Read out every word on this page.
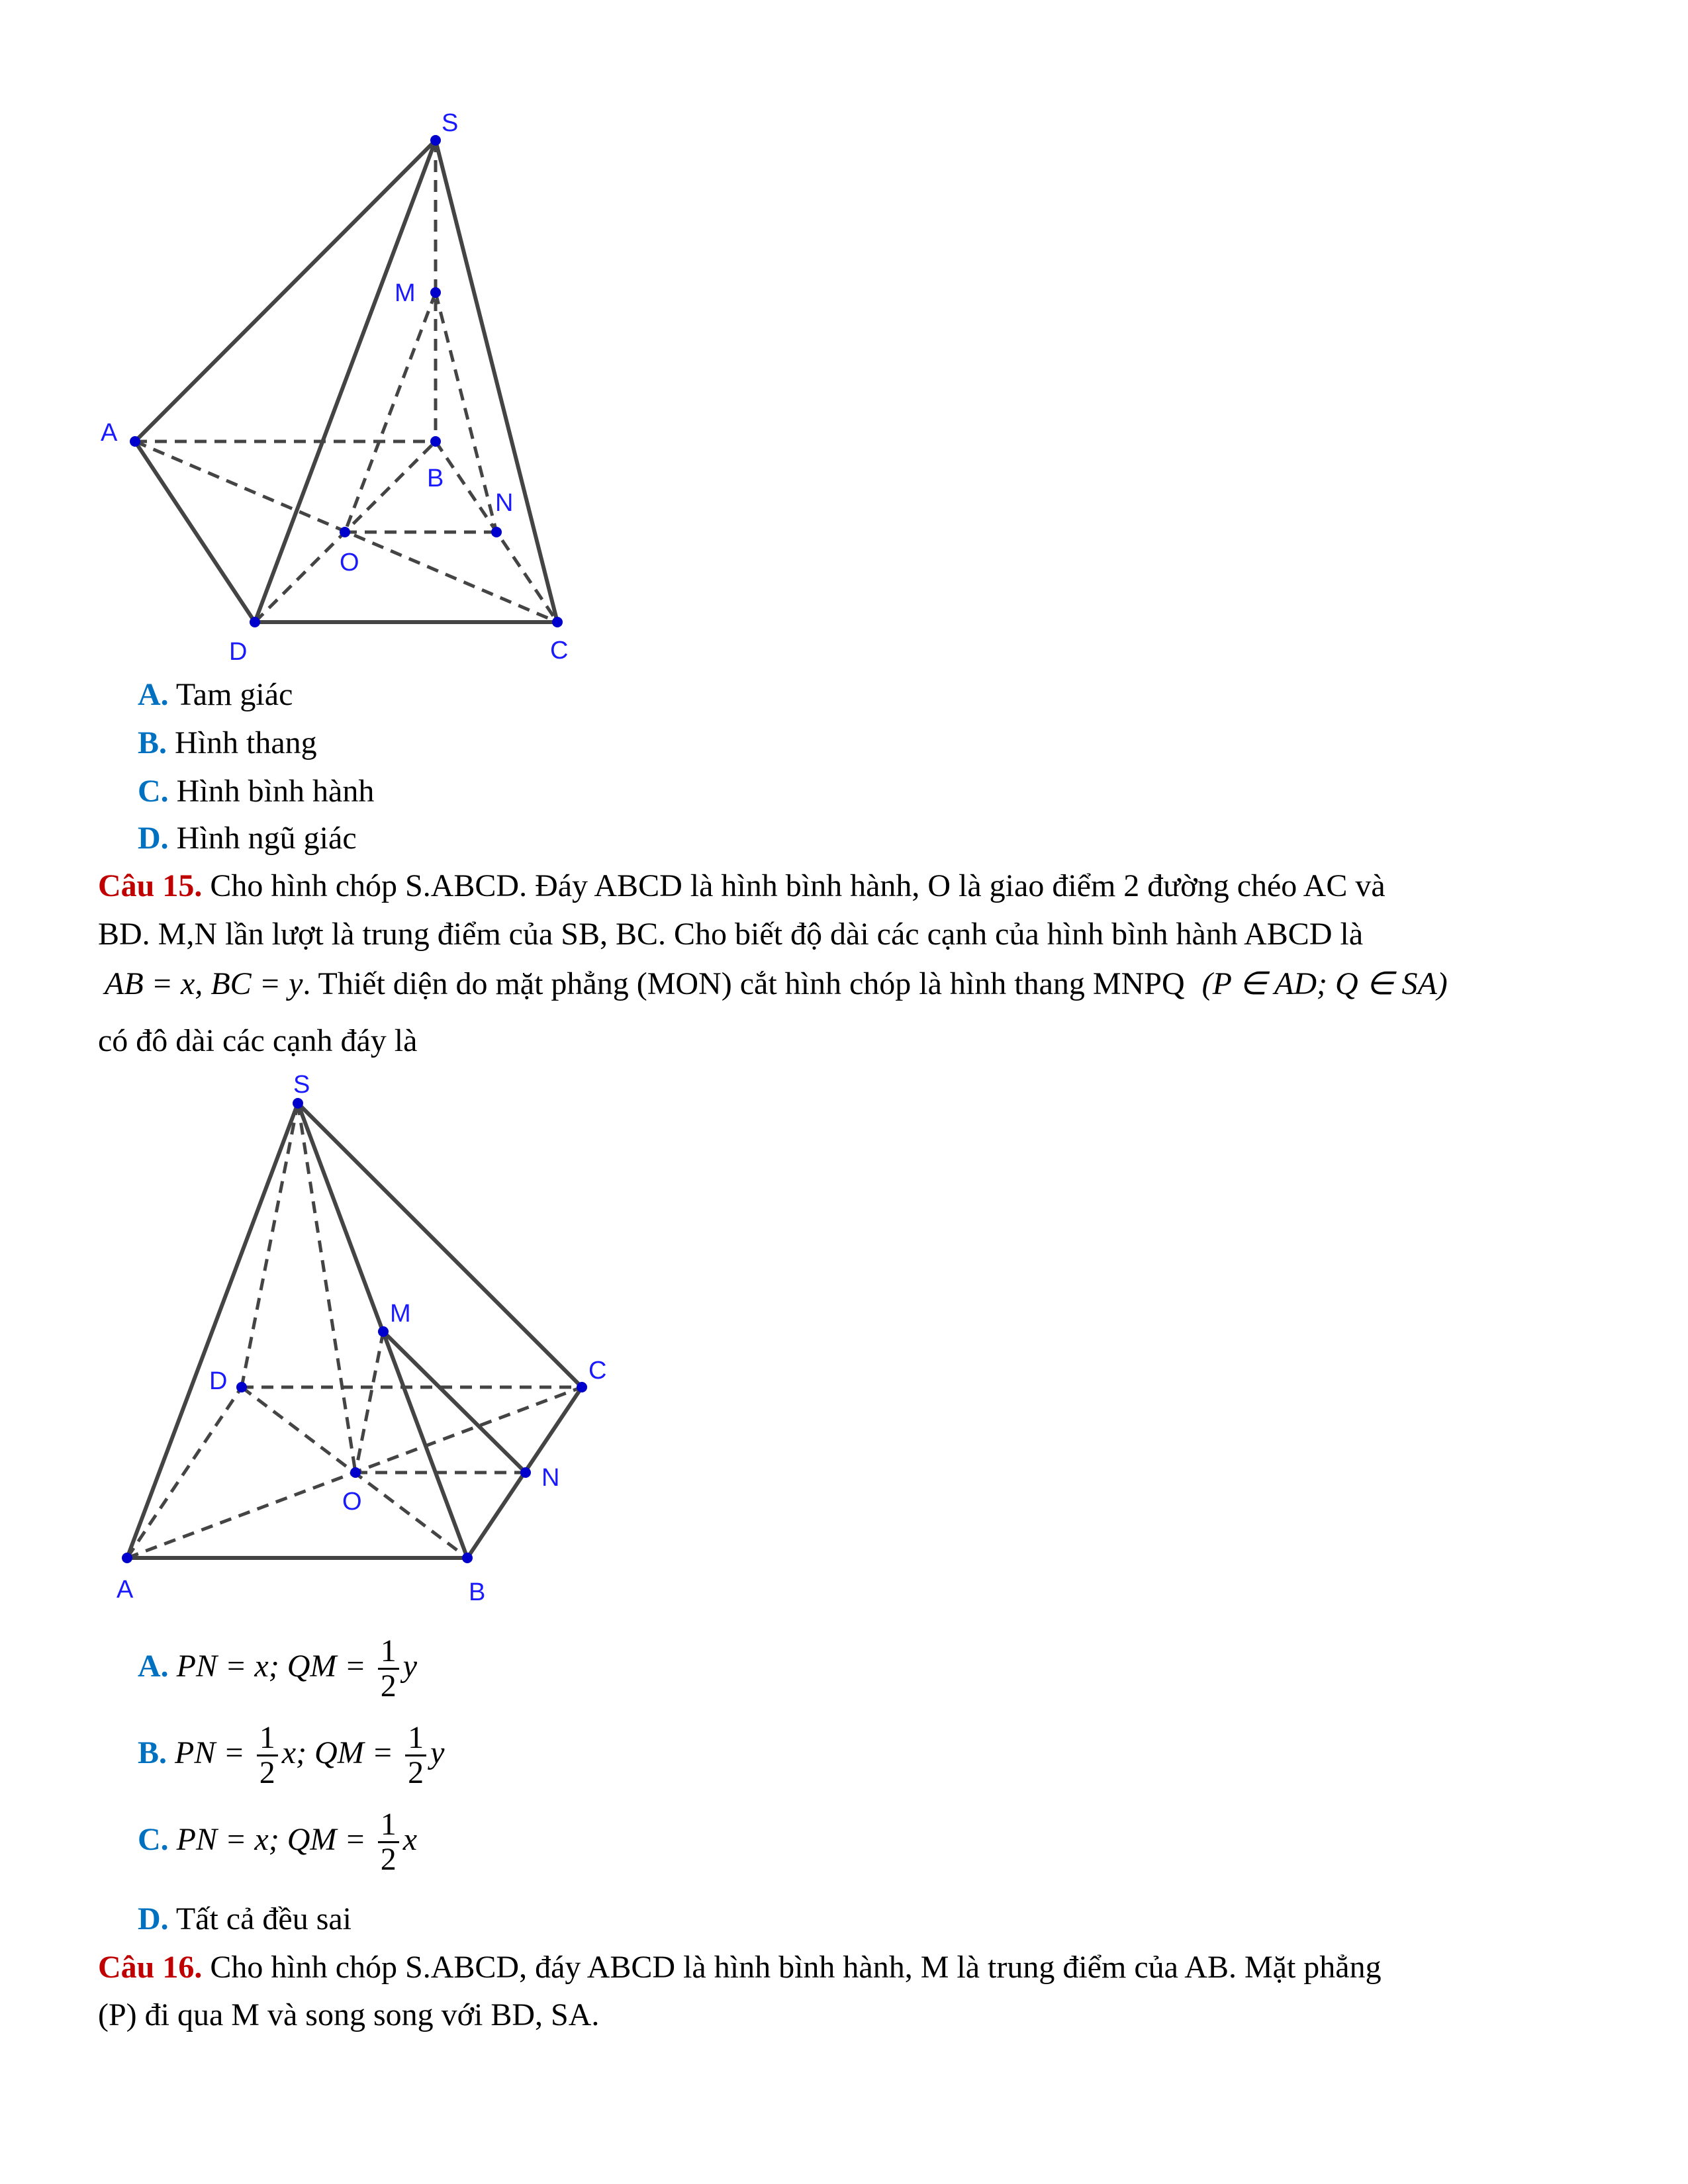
S
M
A
B
N
O
D	C
S
M
D	C
O
N
A	B
A. Tam giác
B. Hình thang
C. Hình bình hành
D. Hình ngũ giác
Câu 15. Cho hình chóp S.ABCD. Đáy ABCD là hình bình hành, O là giao điểm 2 đường chéo AC và
BD. M,N lần lượt là trung điểm của SB, BC. Cho biết độ dài các cạnh của hình bình hành ABCD là
AB = x, BC = y. Thiết diện do mặt phẳng (MON) cắt hình chóp là hình thang MNPQ (P ∈ AD; Q ∈ SA)
có đô dài các cạnh đáy là
A. PN = x; QM = $\frac{1}{2}$ y
B. PN = $\frac{1}{2} x$; QM = $\frac{1}{2}$ y
C. PN = x; QM = $\frac{1}{2}$ x
D. Tất cả đều sai
Câu 16. Cho hình chóp S.ABCD, đáy ABCD là hình bình hành, M là trung điểm của AB. Mặt phẳng
(P) đi qua M và song song với BD, SA.
